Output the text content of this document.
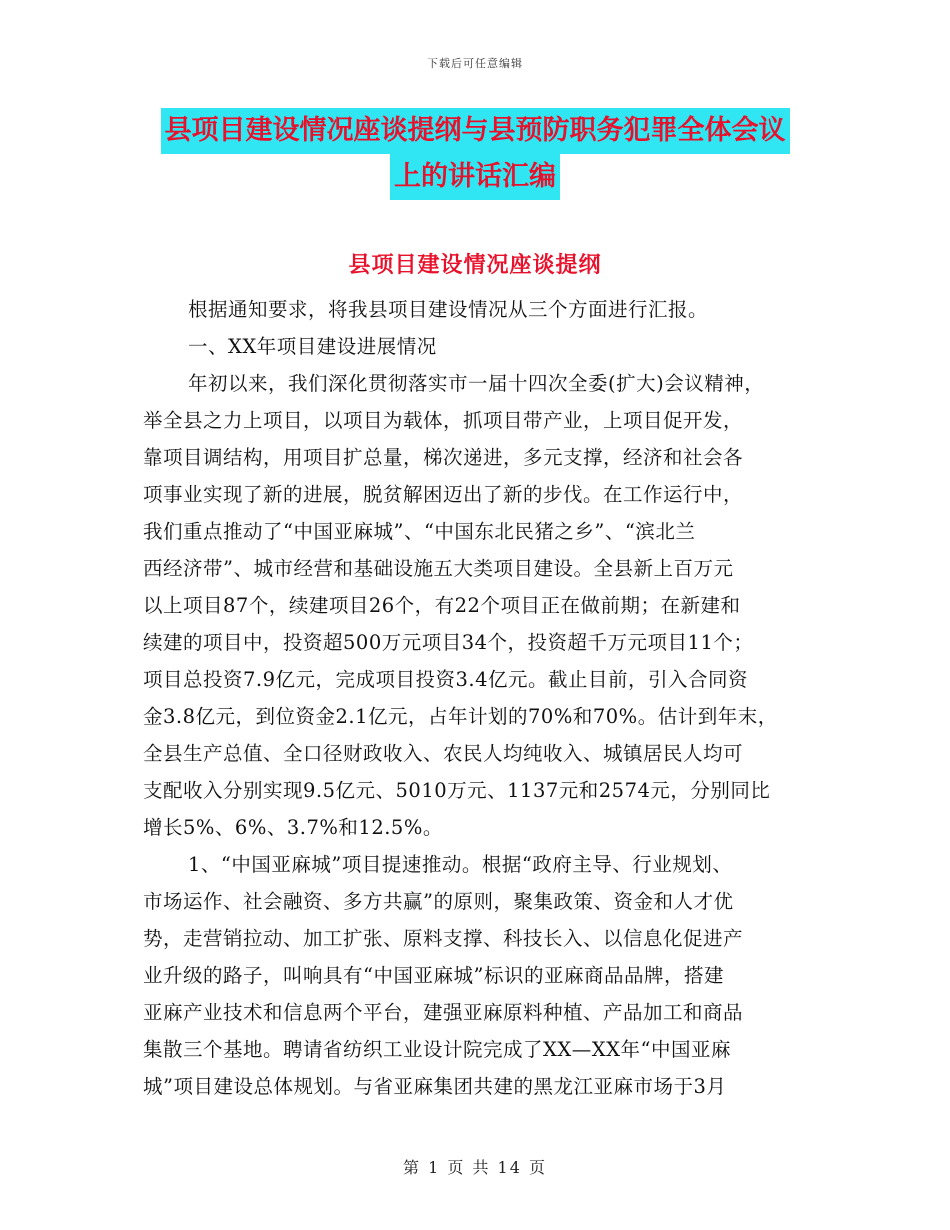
下载后可任意编辑
县项目建设情况座谈提纲与县预防职务犯罪全体会议
上的讲话汇编
县项目建设情况座谈提纲
根据通知要求，将我县项目建设情况从三个方面进行汇报。
一、XX年项目建设进展情况
年初以来，我们深化贯彻落实市一届十四次全委(扩大)会议精神，
举全县之力上项目，以项目为载体，抓项目带产业，上项目促开发，
靠项目调结构，用项目扩总量，梯次递进，多元支撑，经济和社会各
项事业实现了新的进展，脱贫解困迈出了新的步伐。在工作运行中，
我们重点推动了“中国亚麻城”、“中国东北民猪之乡”、“滨北兰
西经济带”、城市经营和基础设施五大类项目建设。全县新上百万元
以上项目87个，续建项目26个，有22个项目正在做前期；在新建和
续建的项目中，投资超500万元项目34个，投资超千万元项目11个；
项目总投资7.9亿元，完成项目投资3.4亿元。截止目前，引入合同资
金3.8亿元，到位资金2.1亿元，占年计划的70%和70%。估计到年末，
全县生产总值、全口径财政收入、农民人均纯收入、城镇居民人均可
支配收入分别实现9.5亿元、5010万元、1137元和2574元，分别同比
增长5%、6%、3.7%和12.5%。
1、“中国亚麻城”项目提速推动。根据“政府主导、行业规划、
市场运作、社会融资、多方共赢”的原则，聚集政策、资金和人才优
势，走营销拉动、加工扩张、原料支撑、科技长入、以信息化促进产
业升级的路子，叫响具有“中国亚麻城”标识的亚麻商品品牌，搭建
亚麻产业技术和信息两个平台，建强亚麻原料种植、产品加工和商品
集散三个基地。聘请省纺织工业设计院完成了XX—XX年“中国亚麻
城”项目建设总体规划。与省亚麻集团共建的黑龙江亚麻市场于3月
第 1 页 共 14 页
